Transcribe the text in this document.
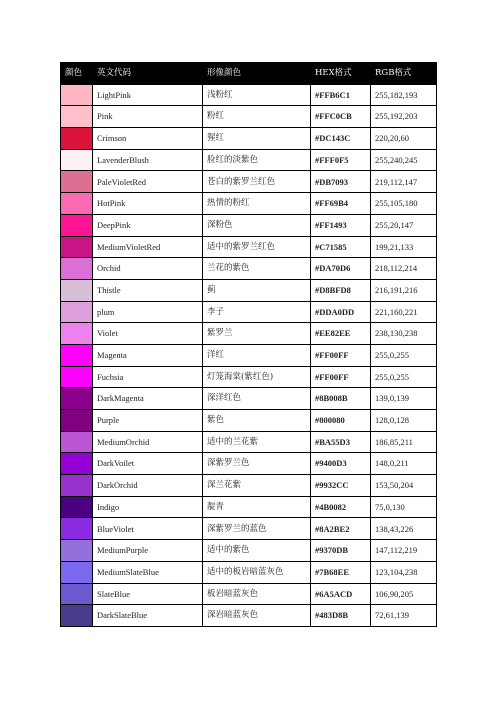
颜色	英文代码	形像颜色	HEX格式	RGB格式
	LightPink	浅粉红	#FFB6C1	255,182,193
	Pink	粉红	#FFC0CB	255,192,203
	Crimson	猩红	#DC143C	220,20,60
	LavenderBlush	脸红的淡紫色	#FFF0F5	255,240,245
	PaleVioletRed	苍白的紫罗兰红色	#DB7093	219,112,147
	HotPink	热情的粉红	#FF69B4	255,105,180
	DeepPink	深粉色	#FF1493	255,20,147
	MediumVioletRed	适中的紫罗兰红色	#C71585	199,21,133
	Orchid	兰花的紫色	#DA70D6	218,112,214
	Thistle	蓟	#D8BFD8	216,191,216
	plum	李子	#DDA0DD	221,160,221
	Violet	紫罗兰	#EE82EE	238,130,238
	Magenta	洋红	#FF00FF	255,0,255
	Fuchsia	灯笼海棠(紫红色)	#FF00FF	255,0,255
	DarkMagenta	深洋红色	#8B008B	139,0,139
	Purple	紫色	#800080	128,0,128
	MediumOrchid	适中的兰花紫	#BA55D3	186,85,211
	DarkVoilet	深紫罗兰色	#9400D3	148,0,211
	DarkOrchid	深兰花紫	#9932CC	153,50,204
	Indigo	靛青	#4B0082	75,0,130
	BlueViolet	深紫罗兰的蓝色	#8A2BE2	138,43,226
	MediumPurple	适中的紫色	#9370DB	147,112,219
	MediumSlateBlue	适中的板岩暗蓝灰色	#7B68EE	123,104,238
	SlateBlue	板岩暗蓝灰色	#6A5ACD	106,90,205
	DarkSlateBlue	深岩暗蓝灰色	#483D8B	72,61,139
